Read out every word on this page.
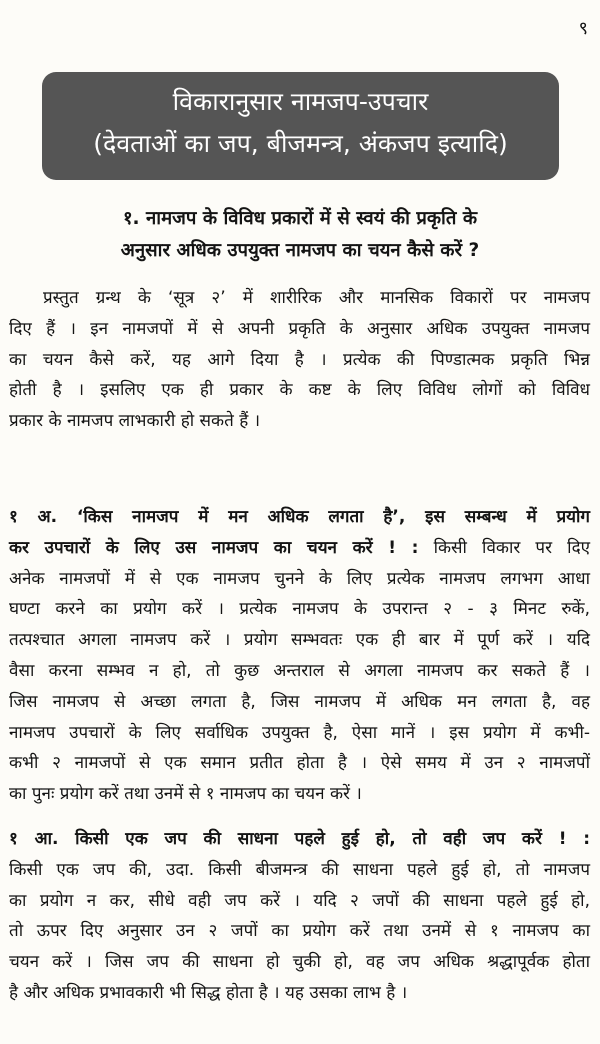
९
विकारानुसार नामजप-उपचार
(देवताओं का जप, बीजमन्त्र, अंकजप इत्यादि)
१. नामजप के विविध प्रकारों में से स्वयं की प्रकृति के
अनुसार अधिक उपयुक्त नामजप का चयन कैसे करें ?
प्रस्तुत ग्रन्थ के ‘सूत्र २’ में शारीरिक और मानसिक विकारों पर नामजप
दिए हैं । इन नामजपों में से अपनी प्रकृति के अनुसार अधिक उपयुक्त नामजप
का चयन कैसे करें, यह आगे दिया है । प्रत्येक की पिण्डात्मक प्रकृति भिन्न
होती है । इसलिए एक ही प्रकार के कष्ट के लिए विविध लोगों को विविध
प्रकार के नामजप लाभकारी हो सकते हैं ।
१ अ. ‘किस नामजप में मन अधिक लगता है’, इस सम्बन्ध में प्रयोग
कर उपचारों के लिए उस नामजप का चयन करें ! : किसी विकार पर दिए
अनेक नामजपों में से एक नामजप चुनने के लिए प्रत्येक नामजप लगभग आधा
घण्टा करने का प्रयोग करें । प्रत्येक नामजप के उपरान्त २ - ३ मिनट रुकें,
तत्पश्चात अगला नामजप करें । प्रयोग सम्भवतः एक ही बार में पूर्ण करें । यदि
वैसा करना सम्भव न हो, तो कुछ अन्तराल से अगला नामजप कर सकते हैं ।
जिस नामजप से अच्छा लगता है, जिस नामजप में अधिक मन लगता है, वह
नामजप उपचारों के लिए सर्वाधिक उपयुक्त है, ऐसा मानें । इस प्रयोग में कभी-
कभी २ नामजपों से एक समान प्रतीत होता है । ऐसे समय में उन २ नामजपों
का पुनः प्रयोग करें तथा उनमें से १ नामजप का चयन करें ।
१ आ. किसी एक जप की साधना पहले हुई हो, तो वही जप करें ! :
किसी एक जप की, उदा. किसी बीजमन्त्र की साधना पहले हुई हो, तो नामजप
का प्रयोग न कर, सीधे वही जप करें । यदि २ जपों की साधना पहले हुई हो,
तो ऊपर दिए अनुसार उन २ जपों का प्रयोग करें तथा उनमें से १ नामजप का
चयन करें । जिस जप की साधना हो चुकी हो, वह जप अधिक श्रद्धापूर्वक होता
है और अधिक प्रभावकारी भी सिद्ध होता है । यह उसका लाभ है ।
